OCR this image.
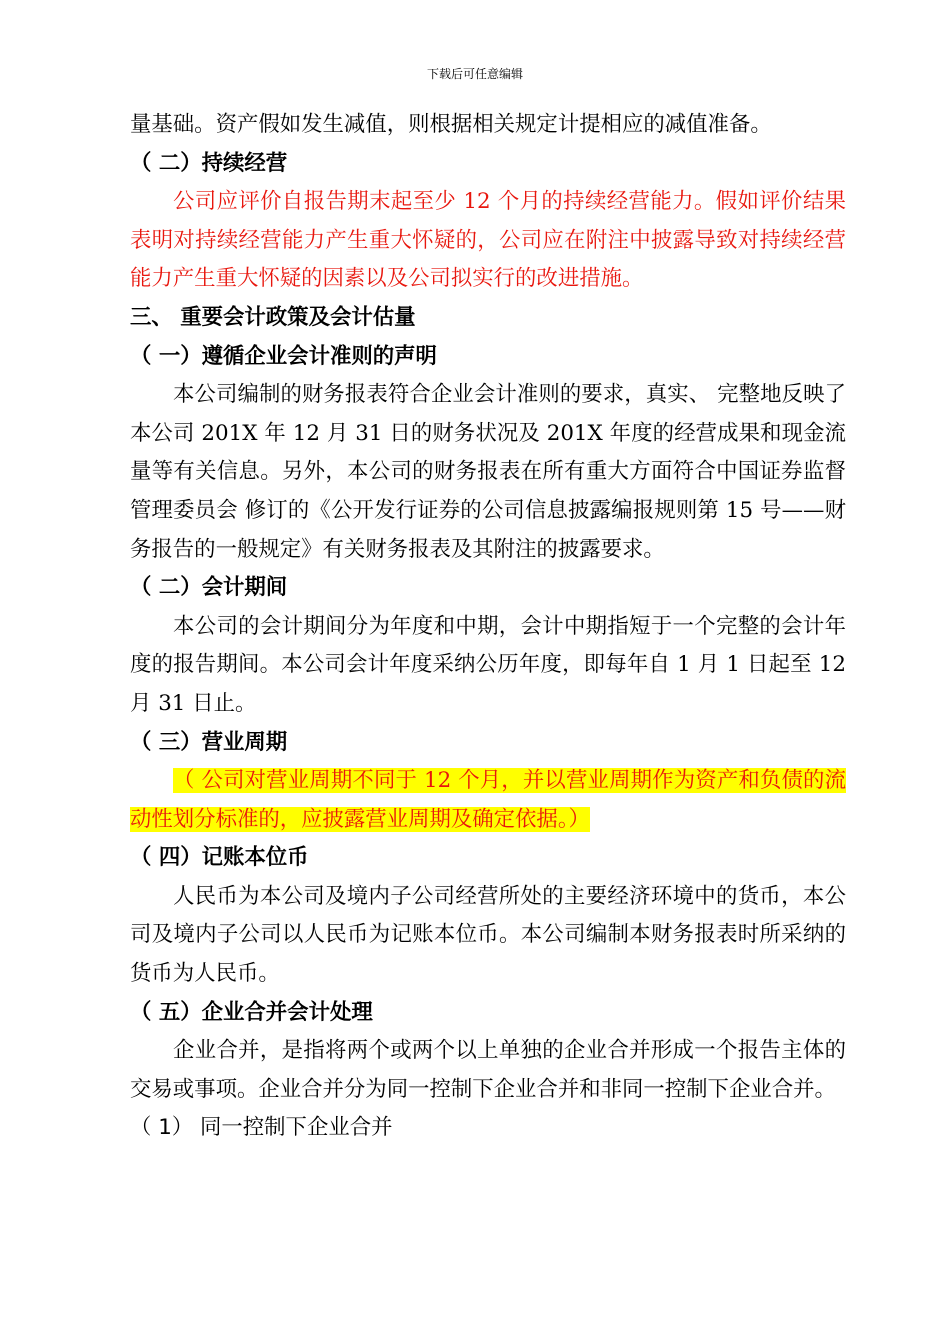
下载后可任意编辑

量基础。资产假如发生减值，则根据相关规定计提相应的减值准备。

（ 二）持续经营

公司应评价自报告期末起至少 12 个月的持续经营能力。假如评价结果表明对持续经营能力产生重大怀疑的，公司应在附注中披露导致对持续经营能力产生重大怀疑的因素以及公司拟实行的改进措施。

三、 重要会计政策及会计估量

（ 一）遵循企业会计准则的声明

本公司编制的财务报表符合企业会计准则的要求，真实、 完整地反映了本公司 201X 年 12 月 31 日的财务状况及 201X 年度的经营成果和现金流量等有关信息。另外，本公司的财务报表在所有重大方面符合中国证券监督管理委员会 修订的《公开发行证券的公司信息披露编报规则第 15 号——财务报告的一般规定》有关财务报表及其附注的披露要求。

（ 二）会计期间

本公司的会计期间分为年度和中期，会计中期指短于一个完整的会计年度的报告期间。本公司会计年度采纳公历年度，即每年自 1 月 1 日起至 12 月 31 日止。

（ 三）营业周期

（ 公司对营业周期不同于 12 个月，并以营业周期作为资产和负债的流动性划分标准的，应披露营业周期及确定依据。）

（ 四）记账本位币

人民币为本公司及境内子公司经营所处的主要经济环境中的货币，本公司及境内子公司以人民币为记账本位币。本公司编制本财务报表时所采纳的货币为人民币。

（ 五）企业合并会计处理

企业合并，是指将两个或两个以上单独的企业合并形成一个报告主体的交易或事项。企业合并分为同一控制下企业合并和非同一控制下企业合并。

（ 1） 同一控制下企业合并
